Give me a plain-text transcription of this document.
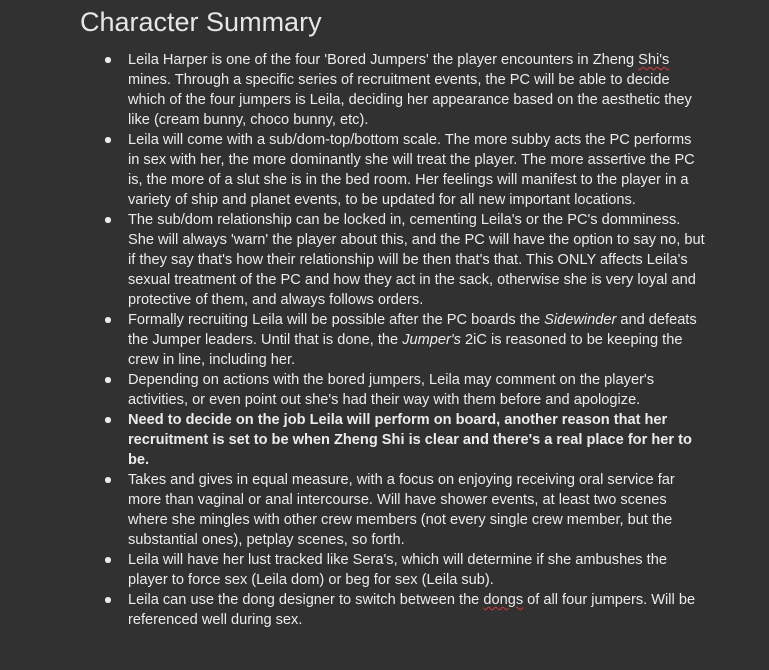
Character Summary
Leila Harper is one of the four 'Bored Jumpers' the player encounters in Zheng Shi's mines. Through a specific series of recruitment events, the PC will be able to decide which of the four jumpers is Leila, deciding her appearance based on the aesthetic they like (cream bunny, choco bunny, etc).
Leila will come with a sub/dom-top/bottom scale. The more subby acts the PC performs in sex with her, the more dominantly she will treat the player. The more assertive the PC is, the more of a slut she is in the bed room. Her feelings will manifest to the player in a variety of ship and planet events, to be updated for all new important locations.
The sub/dom relationship can be locked in, cementing Leila's or the PC's domminess. She will always 'warn' the player about this, and the PC will have the option to say no, but if they say that's how their relationship will be then that's that. This ONLY affects Leila's sexual treatment of the PC and how they act in the sack, otherwise she is very loyal and protective of them, and always follows orders.
Formally recruiting Leila will be possible after the PC boards the Sidewinder and defeats the Jumper leaders. Until that is done, the Jumper's 2iC is reasoned to be keeping the crew in line, including her.
Depending on actions with the bored jumpers, Leila may comment on the player's activities, or even point out she's had their way with them before and apologize.
Need to decide on the job Leila will perform on board, another reason that her recruitment is set to be when Zheng Shi is clear and there's a real place for her to be.
Takes and gives in equal measure, with a focus on enjoying receiving oral service far more than vaginal or anal intercourse. Will have shower events, at least two scenes where she mingles with other crew members (not every single crew member, but the substantial ones), petplay scenes, so forth.
Leila will have her lust tracked like Sera's, which will determine if she ambushes the player to force sex (Leila dom) or beg for sex (Leila sub).
Leila can use the dong designer to switch between the dongs of all four jumpers. Will be referenced well during sex.
